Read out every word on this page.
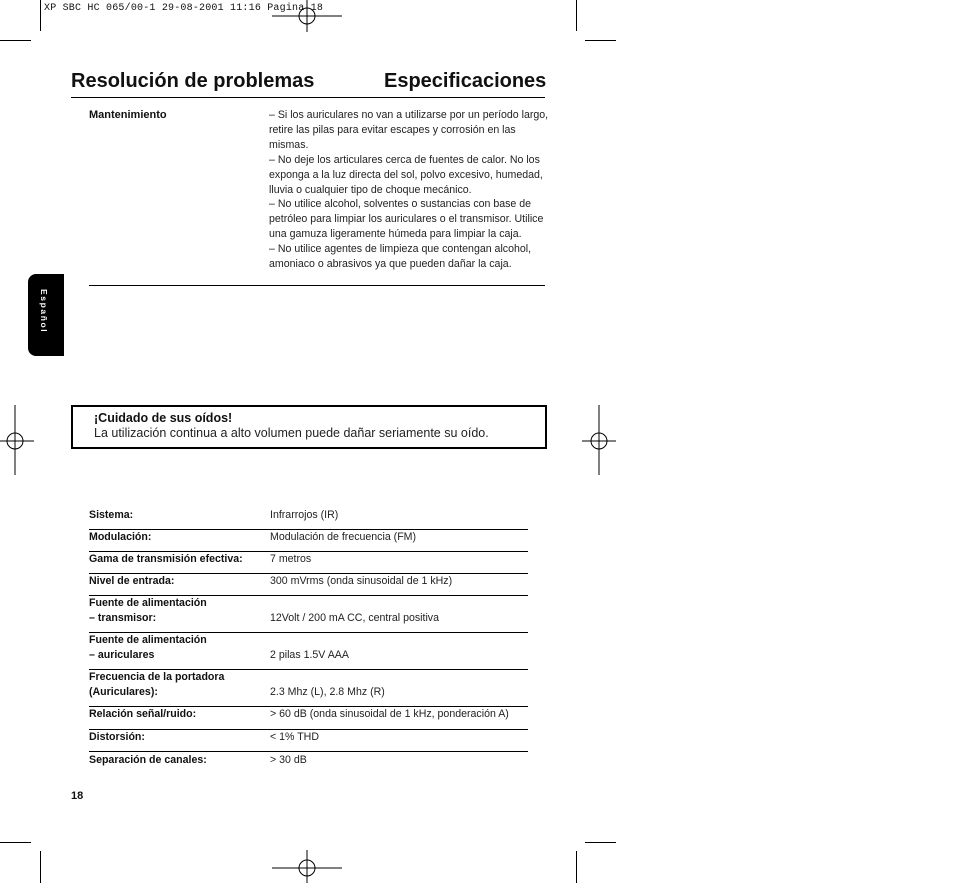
XP SBC HC 065/00-1 29-08-2001 11:16 Pagina 18
Resolución de problemas	Especificaciones
Mantenimiento	– Si los auriculares no van a utilizarse por un período largo, retire las pilas para evitar escapes y corrosión en las mismas.

– No deje los articulares cerca de fuentes de calor. No los exponga a la luz directa del sol, polvo excesivo, humedad, lluvia o cualquier tipo de choque mecánico.

– No utilice alcohol, solventes o sustancias con base de petróleo para limpiar los auriculares o el transmisor. Utilice una gamuza ligeramente húmeda para limpiar la caja.

– No utilice agentes de limpieza que contengan alcohol, amoniaco o abrasivos ya que pueden dañar la caja.

Español
¡Cuidado de sus oídos!
La utilización continua a alto volumen puede dañar seriamente su oído.
Sistema:	Infrarrojos (IR)
Modulación:	Modulación de frecuencia (FM)
Gama de transmisión efectiva:	7 metros
Nivel de entrada:	300 mVrms (onda sinusoidal de 1 kHz)
Fuente de alimentación
– transmisor:	12Volt / 200 mA CC, central positiva
Fuente de alimentación
– auriculares	2 pilas 1.5V AAA
Frecuencia de la portadora
(Auriculares):	2.3 Mhz (L), 2.8 Mhz (R)
Relación señal/ruido:	> 60 dB (onda sinusoidal de 1 kHz, ponderación A)
Distorsión:	< 1% THD
Separación de canales:	> 30 dB
18
